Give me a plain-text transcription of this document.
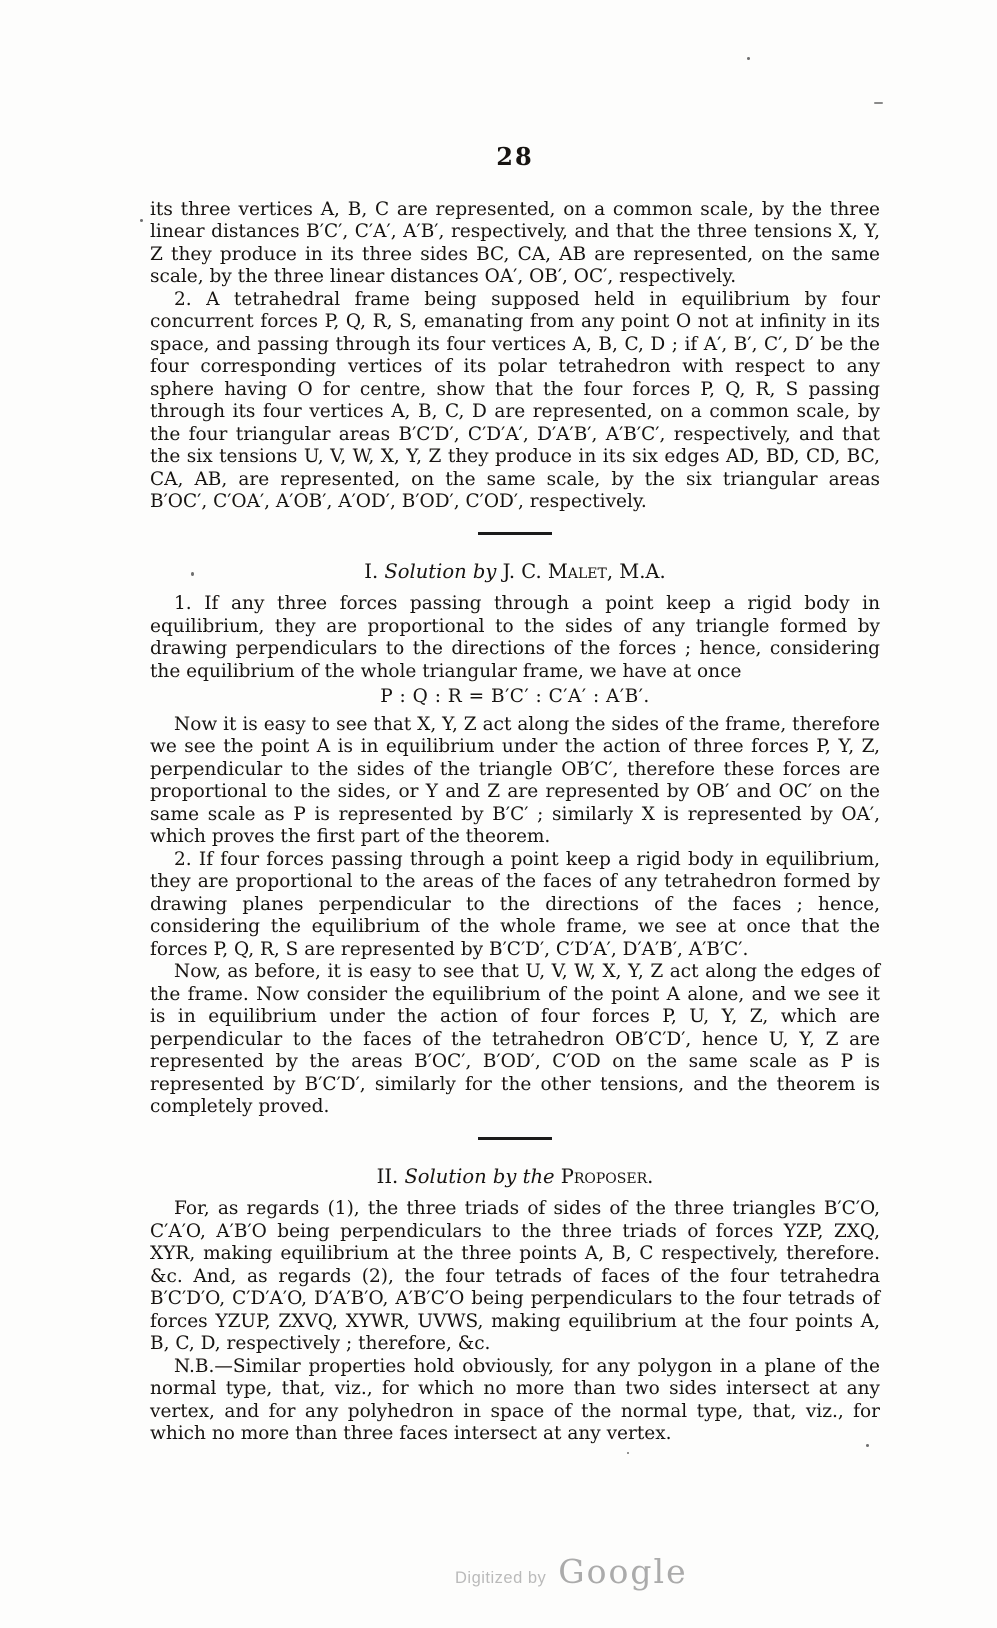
28

its three vertices A, B, C are represented, on a common scale, by the three linear distances B′C′, C′A′, A′B′, respectively, and that the three tensions X, Y, Z they produce in its three sides BC, CA, AB are represented, on the same scale, by the three linear distances OA′, OB′, OC′, respectively.

2. A tetrahedral frame being supposed held in equilibrium by four concurrent forces P, Q, R, S, emanating from any point O not at infinity in its space, and passing through its four vertices A, B, C, D ; if A′, B′, C′, D′ be the four corresponding vertices of its polar tetrahedron with respect to any sphere having O for centre, show that the four forces P, Q, R, S passing through its four vertices A, B, C, D are represented, on a common scale, by the four triangular areas B′C′D′, C′D′A′, D′A′B′, A′B′C′, respectively, and that the six tensions U, V, W, X, Y, Z they produce in its six edges AD, BD, CD, BC, CA, AB, are represented, on the same scale, by the six triangular areas B′OC′, C′OA′, A′OB′, A′OD′, B′OD′, C′OD′, respectively.

I. Solution by J. C. Malet, M.A.

1. If any three forces passing through a point keep a rigid body in equilibrium, they are proportional to the sides of any triangle formed by drawing perpendiculars to the directions of the forces ; hence, considering the equilibrium of the whole triangular frame, we have at once

P : Q : R = B′C′ : C′A′ : A′B′.

Now it is easy to see that X, Y, Z act along the sides of the frame, therefore we see the point A is in equilibrium under the action of three forces P, Y, Z, perpendicular to the sides of the triangle OB′C′, therefore these forces are proportional to the sides, or Y and Z are represented by OB′ and OC′ on the same scale as P is represented by B′C′ ; similarly X is represented by OA′, which proves the first part of the theorem.

2. If four forces passing through a point keep a rigid body in equilibrium, they are proportional to the areas of the faces of any tetrahedron formed by drawing planes perpendicular to the directions of the faces ; hence, considering the equilibrium of the whole frame, we see at once that the forces P, Q, R, S are represented by B′C′D′, C′D′A′, D′A′B′, A′B′C′.

Now, as before, it is easy to see that U, V, W, X, Y, Z act along the edges of the frame. Now consider the equilibrium of the point A alone, and we see it is in equilibrium under the action of four forces P, U, Y, Z, which are perpendicular to the faces of the tetrahedron OB′C′D′, hence U, Y, Z are represented by the areas B′OC′, B′OD′, C′OD on the same scale as P is represented by B′C′D′, similarly for the other tensions, and the theorem is completely proved.

II. Solution by the Proposer.

For, as regards (1), the three triads of sides of the three triangles B′C′O, C′A′O, A′B′O being perpendiculars to the three triads of forces YZP, ZXQ, XYR, making equilibrium at the three points A, B, C respectively, therefore. &c. And, as regards (2), the four tetrads of faces of the four tetrahedra B′C′D′O, C′D′A′O, D′A′B′O, A′B′C′O being perpendiculars to the four tetrads of forces YZUP, ZXVQ, XYWR, UVWS, making equilibrium at the four points A, B, C, D, respectively ; therefore, &c.

N.B.—Similar properties hold obviously, for any polygon in a plane of the normal type, that, viz., for which no more than two sides intersect at any vertex, and for any polyhedron in space of the normal type, that, viz., for which no more than three faces intersect at any vertex.

Digitized by Google
